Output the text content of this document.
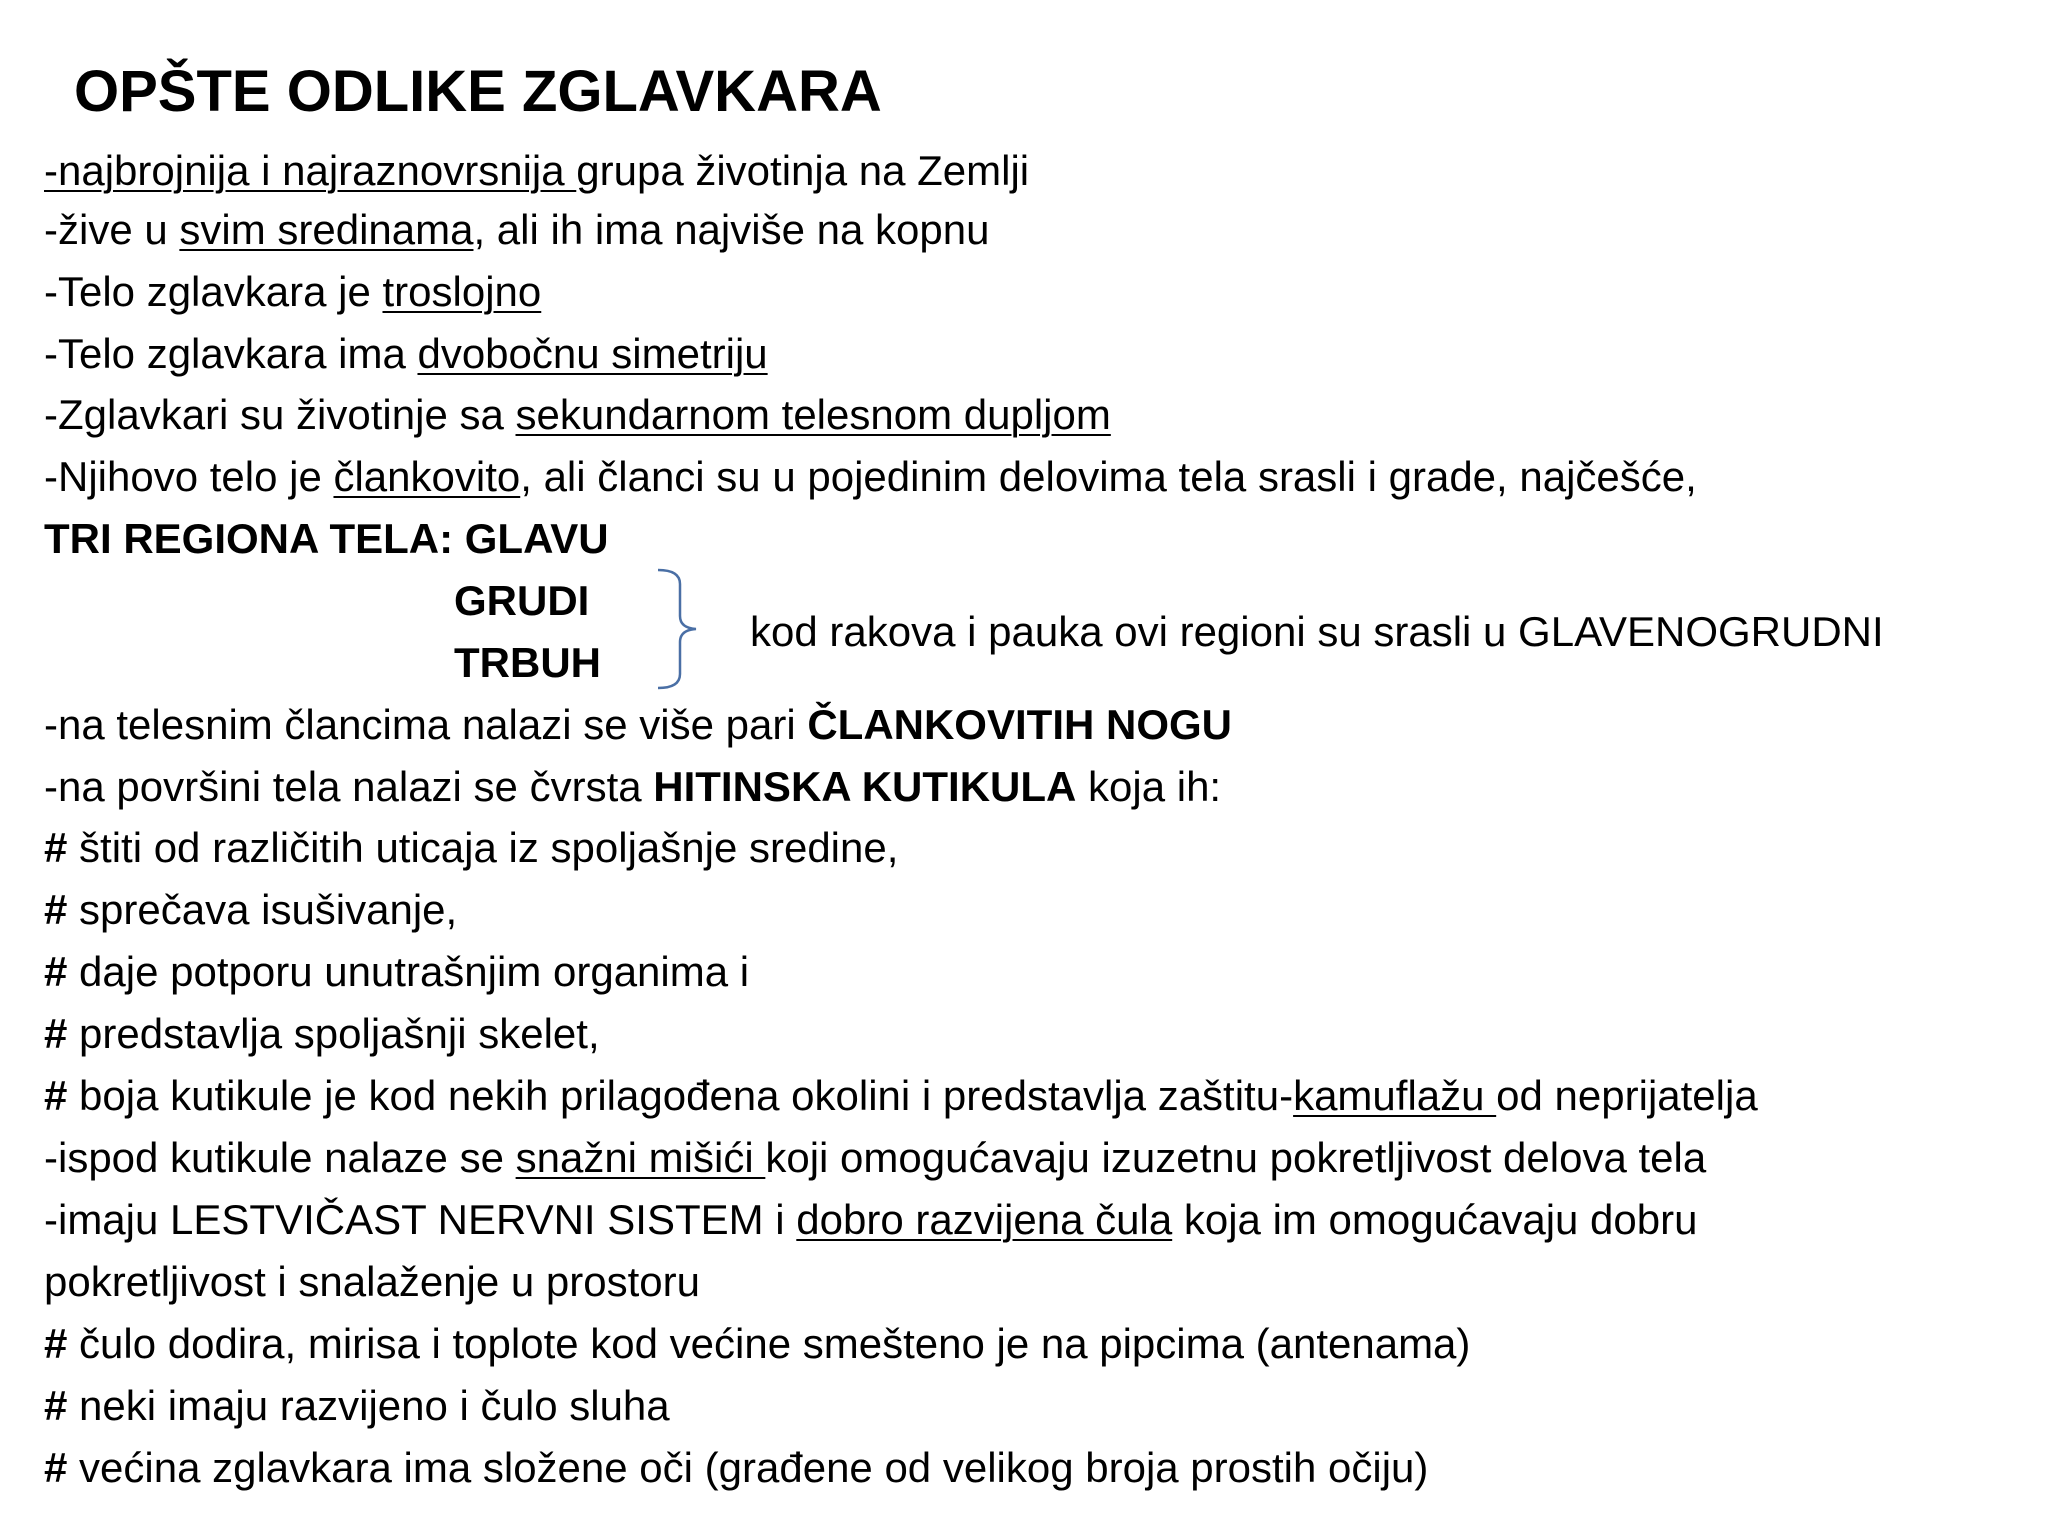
OPŠTE ODLIKE ZGLAVKARA
-najbrojnija i najraznovrsnija grupa životinja na Zemlji
-žive u svim sredinama, ali ih ima najviše na kopnu
-Telo zglavkara je troslojno
-Telo zglavkara ima dvobočnu simetriju
-Zglavkari su životinje sa sekundarnom telesnom dupljom
-Njihovo telo je člankovito, ali članci su u pojedinim delovima tela srasli i grade, najčešće,
TRI REGIONA TELA: GLAVU
GRUDI
TRBUH
kod rakova i pauka ovi regioni su srasli u GLAVENOGRUDNI
-na telesnim člancima nalazi se više pari ČLANKOVITIH NOGU
-na površini tela nalazi se čvrsta HITINSKA KUTIKULA koja ih:
# štiti od različitih uticaja iz spoljašnje sredine,
# sprečava isušivanje,
# daje potporu unutrašnjim organima i
# predstavlja spoljašnji skelet,
# boja kutikule je kod nekih prilagođena okolini i predstavlja zaštitu-kamuflažu od neprijatelja
-ispod kutikule nalaze se snažni mišići koji omogućavaju izuzetnu pokretljivost delova tela
-imaju LESTVIČAST NERVNI SISTEM i dobro razvijena čula koja im omogućavaju dobru
pokretljivost i snalaženje u prostoru
# čulo dodira, mirisa i toplote kod većine smešteno je na pipcima (antenama)
# neki imaju razvijeno i čulo sluha
# većina zglavkara ima složene oči (građene od velikog broja prostih očiju)
